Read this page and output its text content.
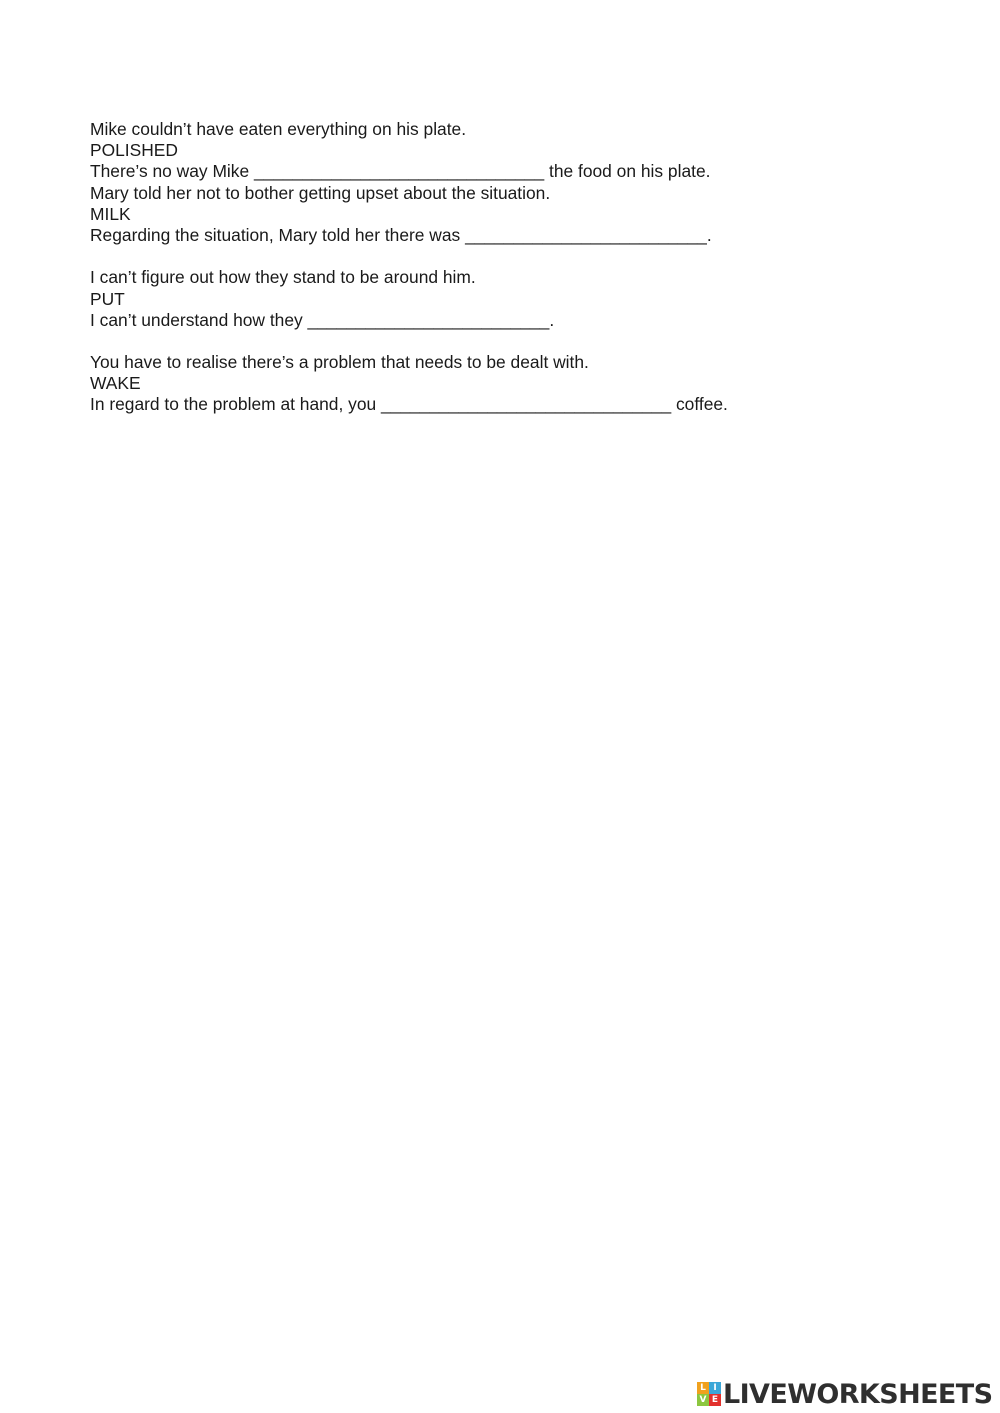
Mike couldn’t have eaten everything on his plate.
POLISHED
There’s no way Mike ______________________________ the food on his plate.
Mary told her not to bother getting upset about the situation.
MILK
Regarding the situation, Mary told her there was _________________________.
I can’t figure out how they stand to be around him.
PUT
I can’t understand how they _________________________.
You have to realise there’s a problem that needs to be dealt with.
WAKE
In regard to the problem at hand, you ______________________________ coffee.
L I
V E LIVEWORKSHEETS
